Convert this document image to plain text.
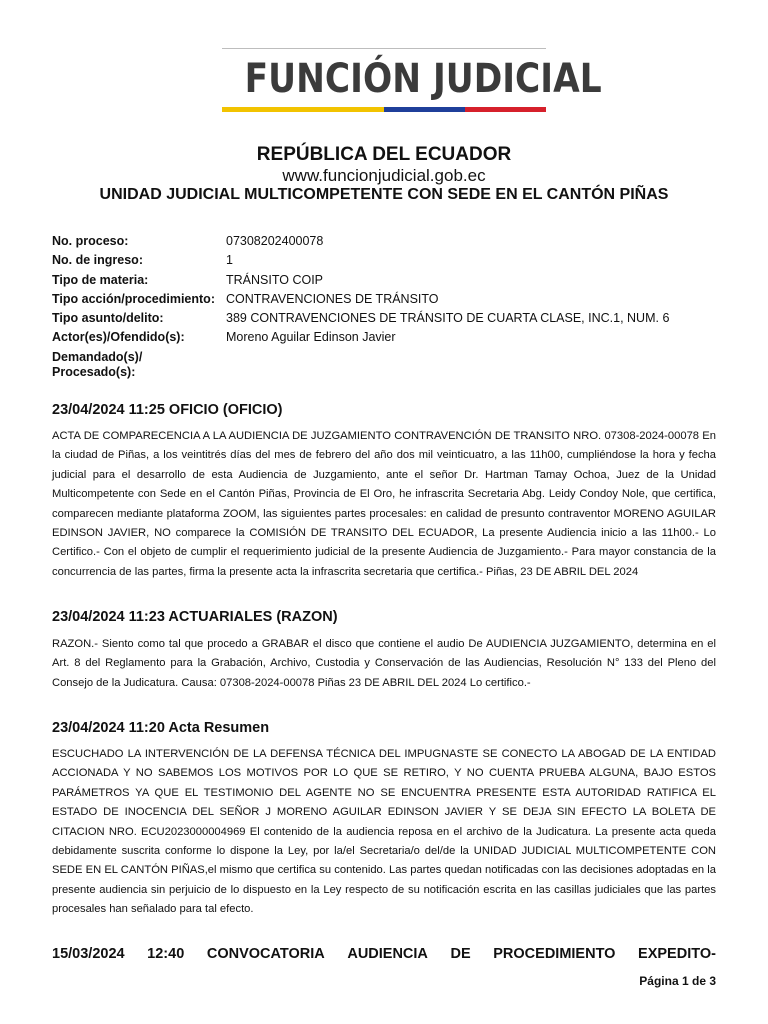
FUNCIÓN JUDICIAL
REPÚBLICA DEL ECUADOR
www.funcionjudicial.gob.ec
UNIDAD JUDICIAL MULTICOMPETENTE CON SEDE EN EL CANTÓN PIÑAS
No. proceso:	07308202400078
No. de ingreso:	1
Tipo de materia:	TRÁNSITO COIP
Tipo acción/procedimiento: CONTRAVENCIONES DE TRÁNSITO
Tipo asunto/delito:	389 CONTRAVENCIONES DE TRÁNSITO DE CUARTA CLASE, INC.1, NUM. 6
Actor(es)/Ofendido(s):	Moreno Aguilar Edinson Javier
Demandado(s)/
Procesado(s):
23/04/2024 11:25 OFICIO (OFICIO)
ACTA DE COMPARECENCIA A LA AUDIENCIA DE JUZGAMIENTO CONTRAVENCIÓN DE TRANSITO NRO. 07308-2024-00078 En la ciudad de Piñas, a los veintitrés días del mes de febrero del año dos mil veinticuatro, a las 11h00, cumpliéndose la hora y fecha judicial para el desarrollo de esta Audiencia de Juzgamiento, ante el señor Dr. Hartman Tamay Ochoa, Juez de la Unidad Multicompetente con Sede en el Cantón Piñas, Provincia de El Oro, he infrascrita Secretaria Abg. Leidy Condoy Nole, que certifica, comparecen mediante plataforma ZOOM, las siguientes partes procesales: en calidad de presunto contraventor MORENO AGUILAR EDINSON JAVIER, NO comparece la COMISIÓN DE TRANSITO DEL ECUADOR, La presente Audiencia inicio a las 11h00.- Lo Certifico.- Con el objeto de cumplir el requerimiento judicial de la presente Audiencia de Juzgamiento.- Para mayor constancia de la concurrencia de las partes, firma la presente acta la infrascrita secretaria que certifica.- Piñas, 23 DE ABRIL DEL 2024
23/04/2024 11:23 ACTUARIALES (RAZON)
RAZON.- Siento como tal que procedo a GRABAR el disco que contiene el audio De AUDIENCIA JUZGAMIENTO, determina en el Art. 8 del Reglamento para la Grabación, Archivo, Custodia y Conservación de las Audiencias, Resolución N° 133 del Pleno del Consejo de la Judicatura. Causa: 07308-2024-00078 Piñas 23 DE ABRIL DEL 2024 Lo certifico.-
23/04/2024 11:20 Acta Resumen
ESCUCHADO LA INTERVENCIÓN DE LA DEFENSA TÉCNICA DEL IMPUGNASTE SE CONECTO LA ABOGAD DE LA ENTIDAD ACCIONADA Y NO SABEMOS LOS MOTIVOS POR LO QUE SE RETIRO, Y NO CUENTA PRUEBA ALGUNA, BAJO ESTOS PARÁMETROS YA QUE EL TESTIMONIO DEL AGENTE NO SE ENCUENTRA PRESENTE ESTA AUTORIDAD RATIFICA EL ESTADO DE INOCENCIA DEL SEÑOR J MORENO AGUILAR EDINSON JAVIER Y SE DEJA SIN EFECTO LA BOLETA DE CITACION NRO. ECU2023000004969 El contenido de la audiencia reposa en el archivo de la Judicatura. La presente acta queda debidamente suscrita conforme lo dispone la Ley, por la/el Secretaria/o del/de la UNIDAD JUDICIAL MULTICOMPETENTE CON SEDE EN EL CANTÓN PIÑAS,el mismo que certifica su contenido. Las partes quedan notificadas con las decisiones adoptadas en la presente audiencia sin perjuicio de lo dispuesto en la Ley respecto de su notificación escrita en las casillas judiciales que las partes procesales han señalado para tal efecto.
15/03/2024 12:40 CONVOCATORIA AUDIENCIA DE PROCEDIMIENTO EXPEDITO-
Página 1 de 3
